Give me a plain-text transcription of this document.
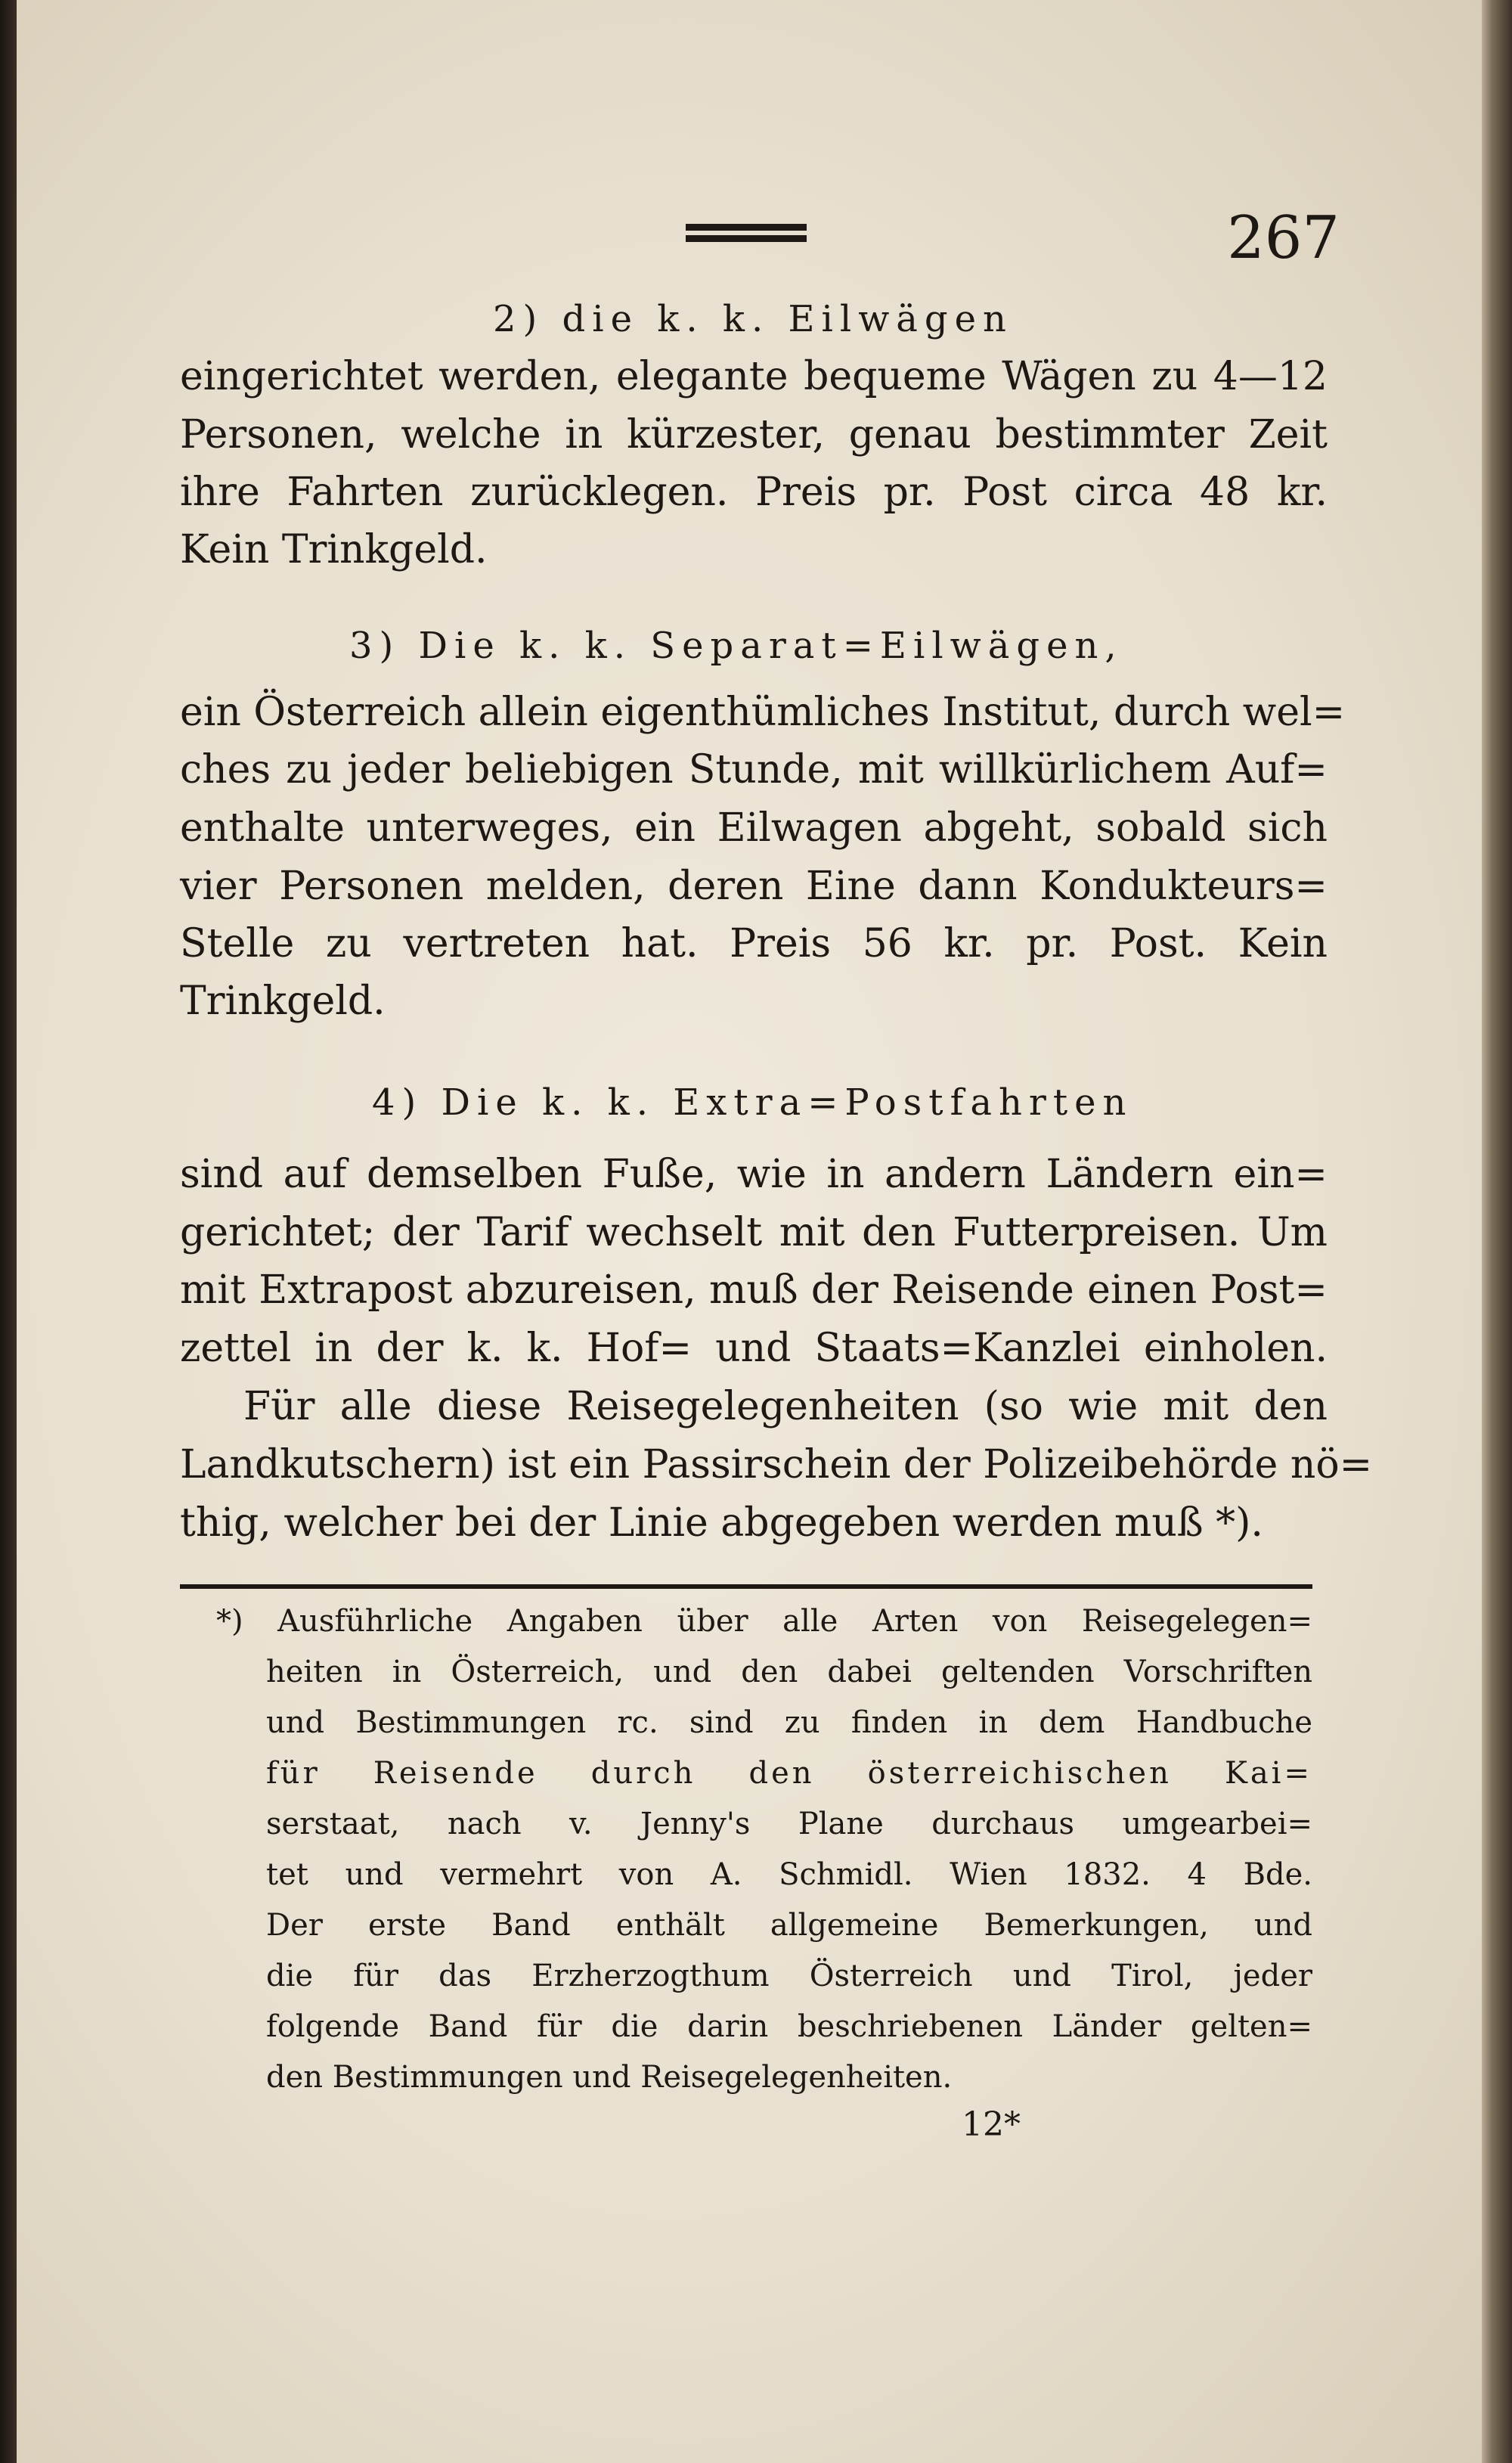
267
2) die k. k. Eilwägen
eingerichtet werden, elegante bequeme Wägen zu 4—12
Personen, welche in kürzester, genau bestimmter Zeit
ihre Fahrten zurücklegen. Preis pr. Post circa 48 kr.
Kein Trinkgeld.
3) Die k. k. Separat=Eilwägen,
ein Österreich allein eigenthümliches Institut, durch wel=
ches zu jeder beliebigen Stunde, mit willkürlichem Auf=
enthalte unterweges, ein Eilwagen abgeht, sobald sich
vier Personen melden, deren Eine dann Kondukteurs=
Stelle zu vertreten hat. Preis 56 kr. pr. Post. Kein
Trinkgeld.
4) Die k. k. Extra=Postfahrten
sind auf demselben Fuße, wie in andern Ländern ein=
gerichtet; der Tarif wechselt mit den Futterpreisen. Um
mit Extrapost abzureisen, muß der Reisende einen Post=
zettel in der k. k. Hof= und Staats=Kanzlei einholen.
Für alle diese Reisegelegenheiten (so wie mit den
Landkutschern) ist ein Passirschein der Polizeibehörde nö=
thig, welcher bei der Linie abgegeben werden muß *).
*) Ausführliche Angaben über alle Arten von Reisegelegen=
heiten in Österreich, und den dabei geltenden Vorschriften
und Bestimmungen rc. sind zu finden in dem Handbuche
für Reisende durch den österreichischen Kai=
serstaat, nach v. Jenny's Plane durchaus umgearbei=
tet und vermehrt von A. Schmidl. Wien 1832. 4 Bde.
Der erste Band enthält allgemeine Bemerkungen, und
die für das Erzherzogthum Österreich und Tirol, jeder
folgende Band für die darin beschriebenen Länder gelten=
den Bestimmungen und Reisegelegenheiten.
12*
